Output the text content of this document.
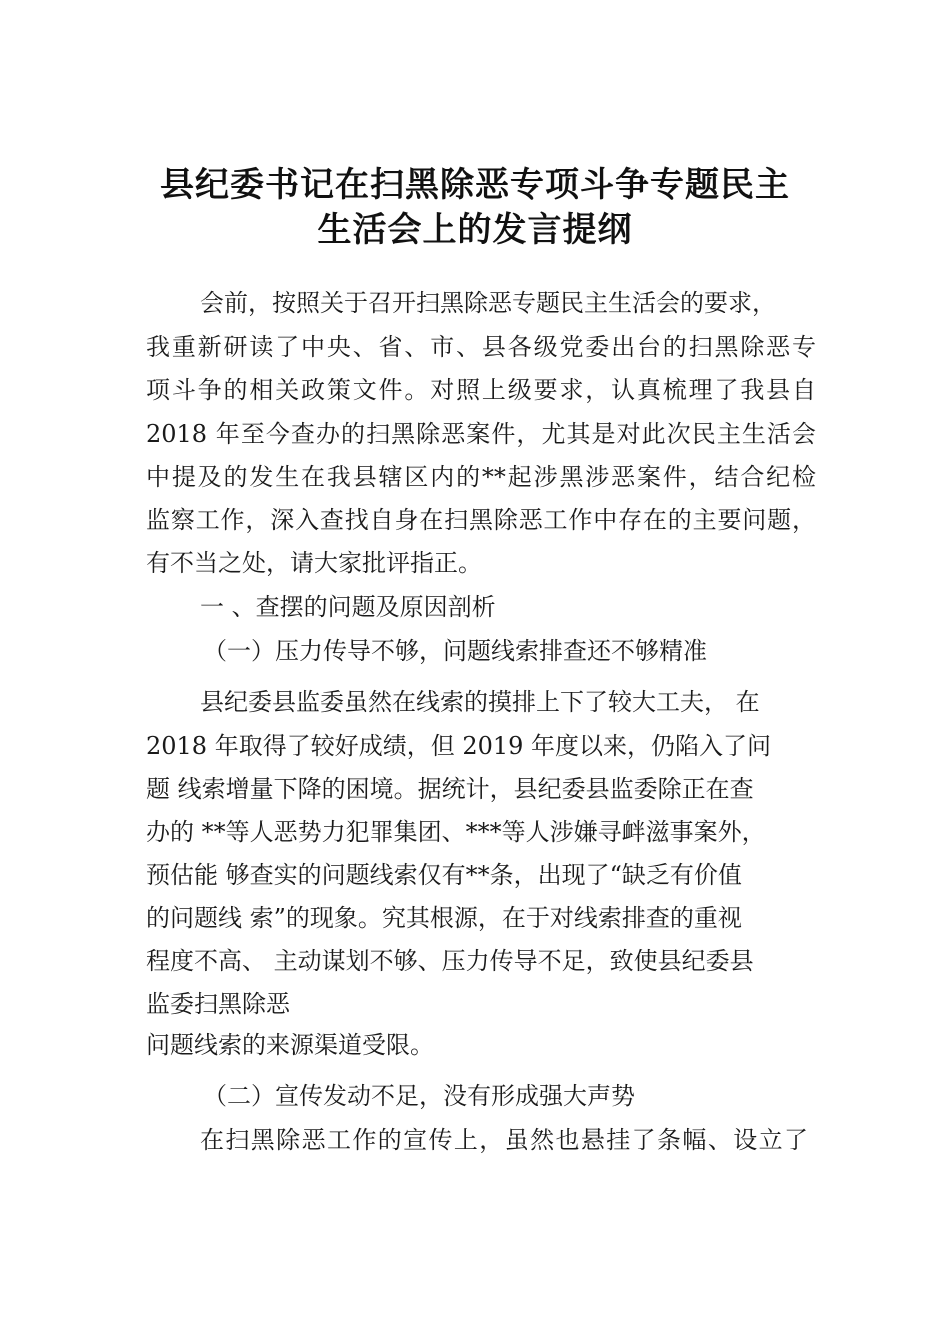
县纪委书记在扫黑除恶专项斗争专题民主
生活会上的发言提纲
会前，按照关于召开扫黑除恶专题民主生活会的要求，
我重新研读了中央、省、市、县各级党委出台的扫黑除恶专
项斗争的相关政策文件。对照上级要求，认真梳理了我县自
2018 年至今查办的扫黑除恶案件，尤其是对此次民主生活会
中提及的发生在我县辖区内的**起涉黑涉恶案件，结合纪检
监察工作，深入查找自身在扫黑除恶工作中存在的主要问题，
有不当之处，请大家批评指正。
一 、查摆的问题及原因剖析
（一）压力传导不够，问题线索排查还不够精准
县纪委县监委虽然在线索的摸排上下了较大工夫， 在
2018 年取得了较好成绩，但 2019 年度以来，仍陷入了问
题 线索增量下降的困境。据统计，县纪委县监委除正在查
办的 **等人恶势力犯罪集团、***等人涉嫌寻衅滋事案外，
预估能 够查实的问题线索仅有**条，出现了“缺乏有价值
的问题线 索”的现象。究其根源，在于对线索排查的重视
程度不高、 主动谋划不够、压力传导不足，致使县纪委县
监委扫黑除恶
问题线索的来源渠道受限。
（二）宣传发动不足，没有形成强大声势
在扫黑除恶工作的宣传上，虽然也悬挂了条幅、设立了
